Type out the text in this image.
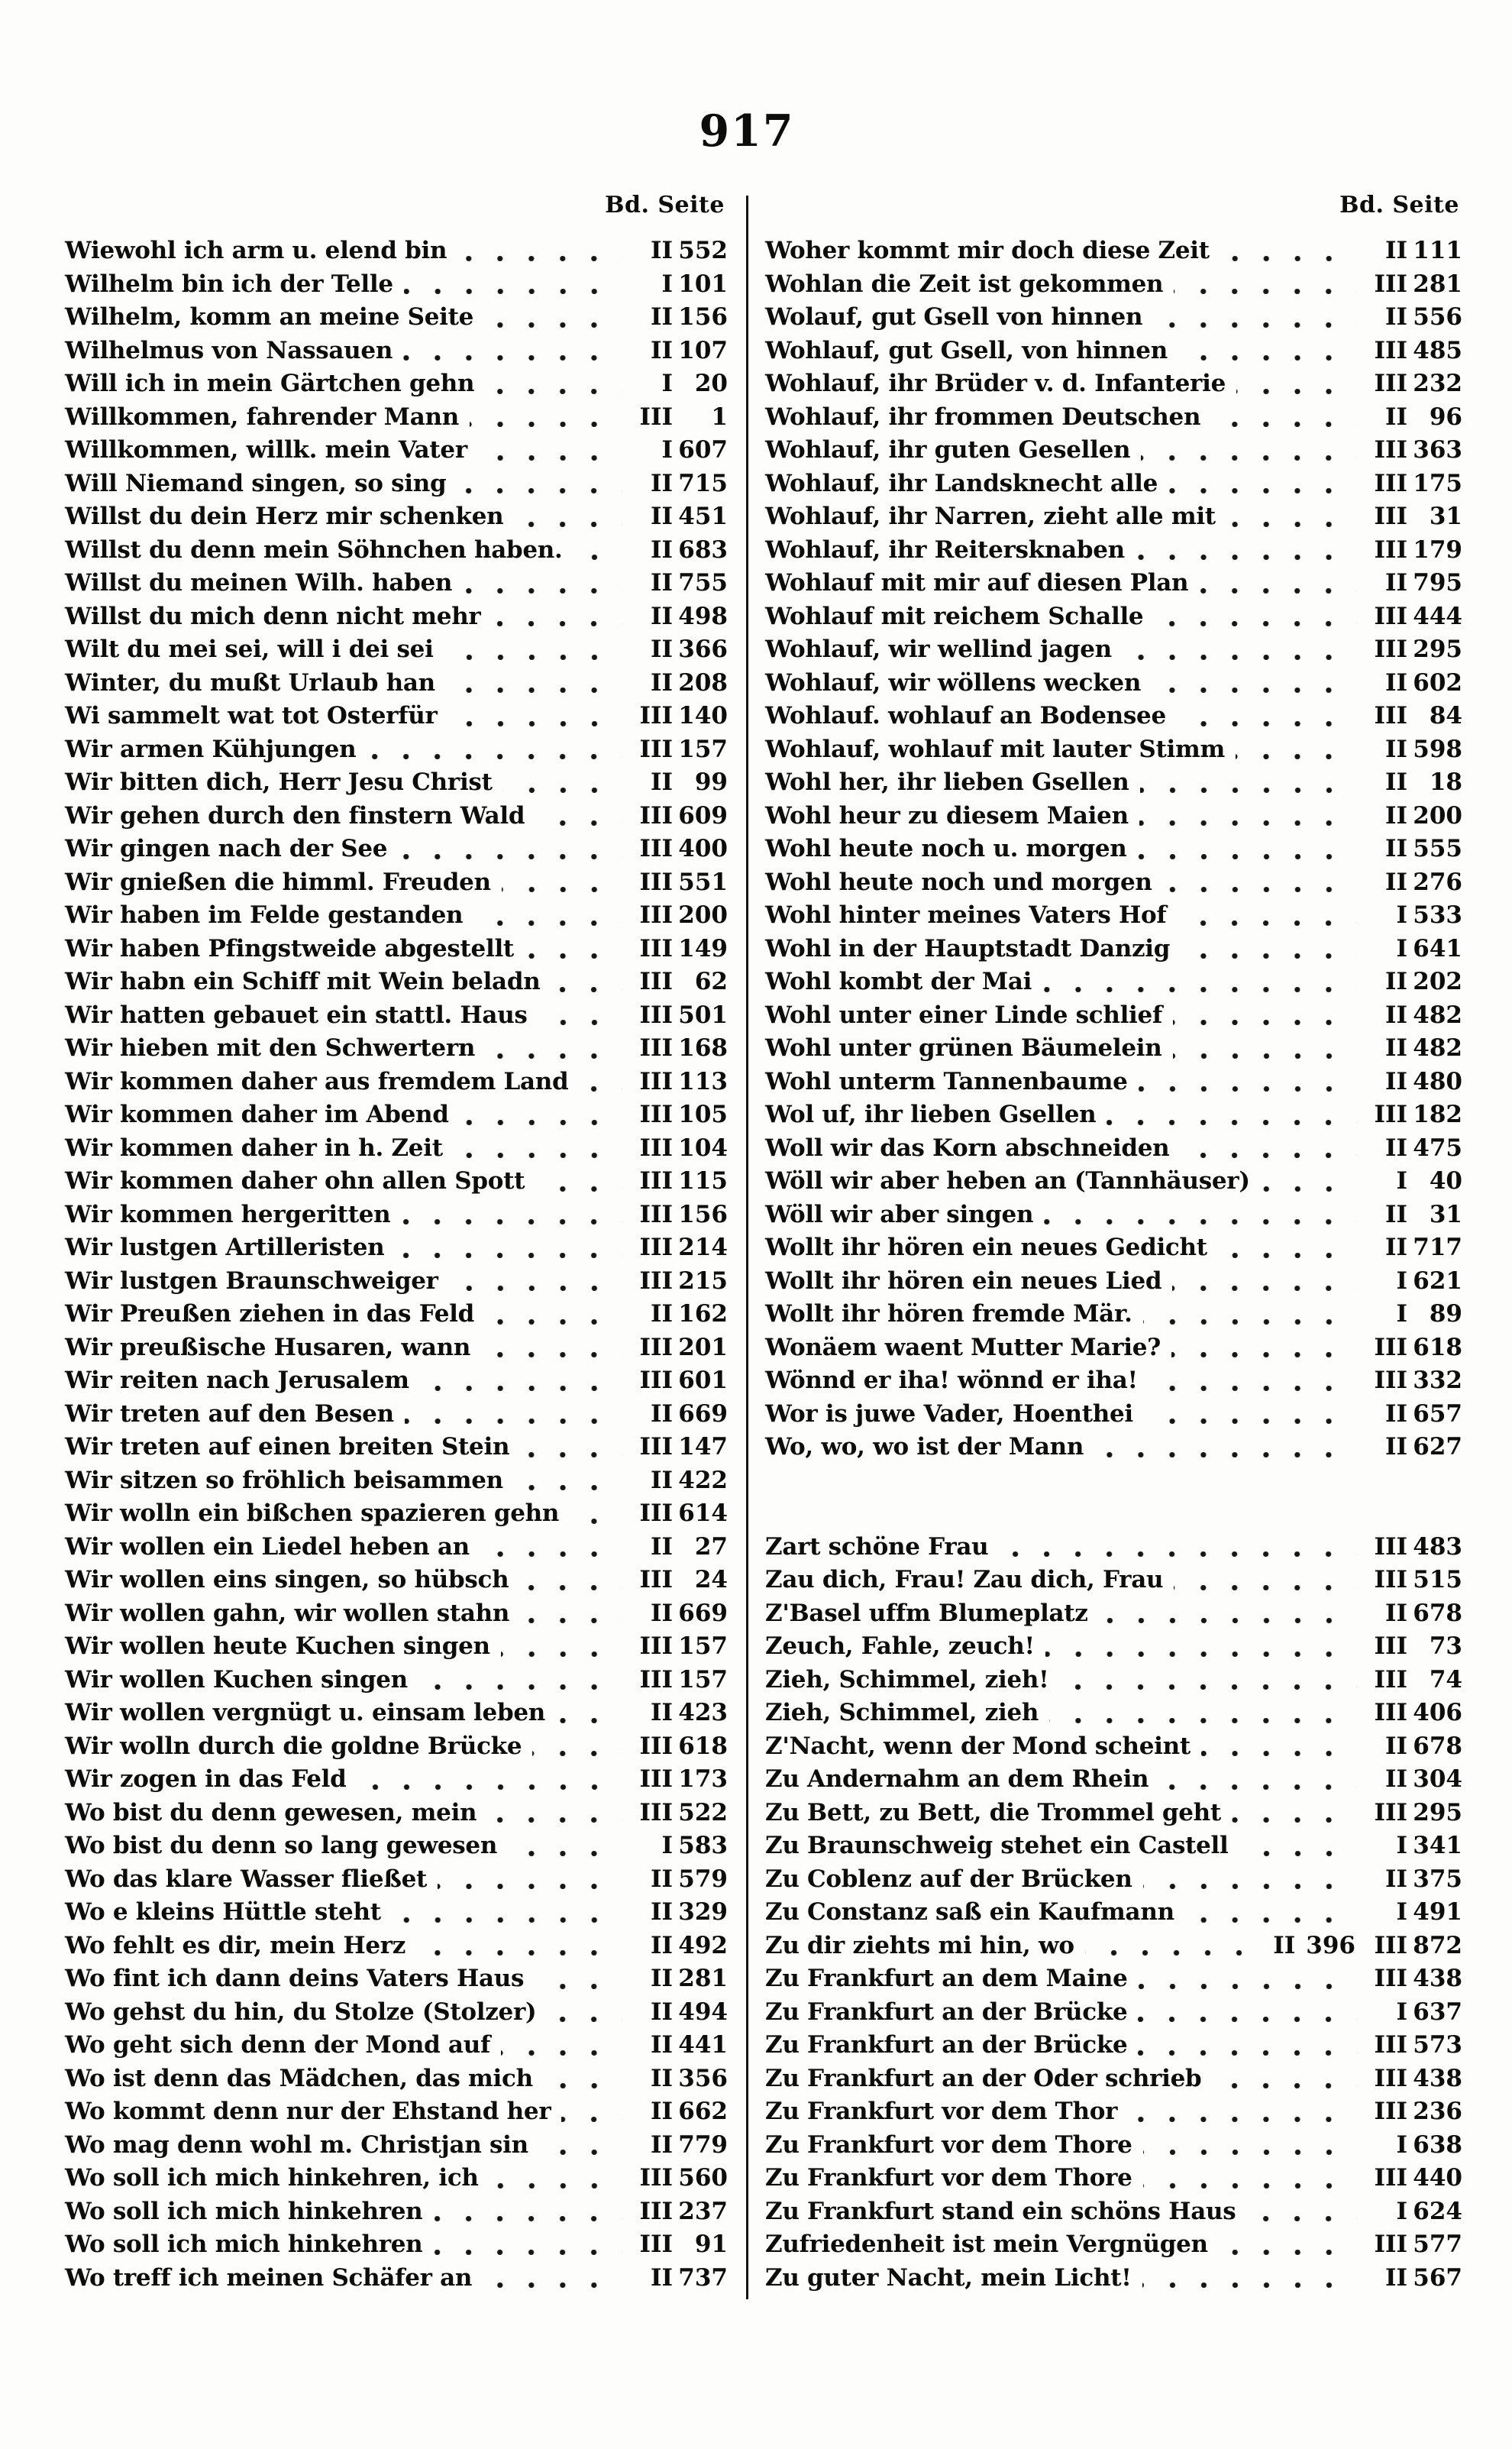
917
Bd. Seite
Wiewohl ich arm u. elend bin	II 552
Wilhelm bin ich der Telle	I 101
Wilhelm, komm an meine Seite	II 156
Wilhelmus von Nassauen	II 107
Will ich in mein Gärtchen gehn	I 20
Willkommen, fahrender Mann	III	1
Willkommen, willk. mein Vater	I 607
Will Niemand singen, so sing	II 715
Willst du dein Herz mir schenken	II 451
Willst du denn mein Söhnchen haben.	II 683
Willst du meinen Wilh. haben	II 755
Willst du mich denn nicht mehr	II 498
Wilt du mei sei, will i dei sei	II 366
Winter, du mußt Urlaub han	II 208
Wi sammelt wat tot Osterfür	III 140
Wir armen Kühjungen	III 157
Wir bitten dich, Herr Jesu Christ	II 99
Wir gehen durch den finstern Wald	III 609
Wir gingen nach der See	III 400
Wir gnießen die himml. Freuden	III 551
Wir haben im Felde gestanden	III 200
Wir haben Pfingstweide abgestellt	III 149
Wir habn ein Schiff mit Wein beladn	III 62
Wir hatten gebauet ein stattl. Haus	III 501
Wir hieben mit den Schwertern	III 168
Wir kommen daher aus fremdem Land	III 113
Wir kommen daher im Abend	III 105
Wir kommen daher in h. Zeit	III 104
Wir kommen daher ohn allen Spott	III 115
Wir kommen hergeritten	III 156
Wir lustgen Artilleristen	III 214
Wir lustgen Braunschweiger	III 215
Wir Preußen ziehen in das Feld	II 162
Wir preußische Husaren, wann	III 201
Wir reiten nach Jerusalem	III 601
Wir treten auf den Besen	II 669
Wir treten auf einen breiten Stein	III 147
Wir sitzen so fröhlich beisammen	II 422
Wir wolln ein bißchen spazieren gehn	III 614
Wir wollen ein Liedel heben an	II 27
Wir wollen eins singen, so hübsch	III 24
Wir wollen gahn, wir wollen stahn	II 669
Wir wollen heute Kuchen singen	III 157
Wir wollen Kuchen singen	III 157
Wir wollen vergnügt u. einsam leben	II 423
Wir wolln durch die goldne Brücke	III 618
Wir zogen in das Feld	III 173
Wo bist du denn gewesen, mein	III 522
Wo bist du denn so lang gewesen	I 583
Wo das klare Wasser fließet	II 579
Wo e kleins Hüttle steht	II 329
Wo fehlt es dir, mein Herz	II 492
Wo fint ich dann deins Vaters Haus	II 281
Wo gehst du hin, du Stolze (Stolzer)	II 494
Wo geht sich denn der Mond auf	II 441
Wo ist denn das Mädchen, das mich	II 356
Wo kommt denn nur der Ehstand her	II 662
Wo mag denn wohl m. Christjan sin	II 779
Wo soll ich mich hinkehren, ich	III 560
Wo soll ich mich hinkehren	III 237
Wo soll ich mich hinkehren	III 91
Wo treff ich meinen Schäfer an	II 737
Bd. Seite
Woher kommt mir doch diese Zeit	II 111
Wohlan die Zeit ist gekommen	III 281
Wolauf, gut Gsell von hinnen	II 556
Wohlauf, gut Gsell, von hinnen	III 485
Wohlauf, ihr Brüder v. d. Infanterie	III 232
Wohlauf, ihr frommen Deutschen	II 96
Wohlauf, ihr guten Gesellen	III 363
Wohlauf, ihr Landsknecht alle	III 175
Wohlauf, ihr Narren, zieht alle mit	III 31
Wohlauf, ihr Reitersknaben	III 179
Wohlauf mit mir auf diesen Plan	II 795
Wohlauf mit reichem Schalle	III 444
Wohlauf, wir wellind jagen	III 295
Wohlauf, wir wöllens wecken	II 602
Wohlauf. wohlauf an Bodensee	III 84
Wohlauf, wohlauf mit lauter Stimm	II 598
Wohl her, ihr lieben Gsellen	II 18
Wohl heur zu diesem Maien	II 200
Wohl heute noch u. morgen	II 555
Wohl heute noch und morgen	II 276
Wohl hinter meines Vaters Hof	I 533
Wohl in der Hauptstadt Danzig	I 641
Wohl kombt der Mai	II 202
Wohl unter einer Linde schlief	II 482
Wohl unter grünen Bäumelein	II 482
Wohl unterm Tannenbaume	II 480
Wol uf, ihr lieben Gsellen	III 182
Woll wir das Korn abschneiden	II 475
Wöll wir aber heben an (Tannhäuser)	I 40
Wöll wir aber singen	II 31
Wollt ihr hören ein neues Gedicht	II 717
Wollt ihr hören ein neues Lied	I 621
Wollt ihr hören fremde Mär.	I 89
Wonäem waent Mutter Marie?	III 618
Wönnd er iha! wönnd er iha!	III 332
Wor is juwe Vader, Hoenthei	II 657
Wo, wo, wo ist der Mann	II 627
Zart schöne Frau	III 483
Zau dich, Frau! Zau dich, Frau	III 515
Z'Basel uffm Blumeplatz	II 678
Zeuch, Fahle, zeuch!	III 73
Zieh, Schimmel, zieh!	III 74
Zieh, Schimmel, zieh	III 406
Z'Nacht, wenn der Mond scheint	II 678
Zu Andernahm an dem Rhein	II 304
Zu Bett, zu Bett, die Trommel geht	III 295
Zu Braunschweig stehet ein Castell	I 341
Zu Coblenz auf der Brücken	II 375
Zu Constanz saß ein Kaufmann	I 491
Zu dir ziehts mi hin, wo	II 396 III 872
Zu Frankfurt an dem Maine	III 438
Zu Frankfurt an der Brücke	I 637
Zu Frankfurt an der Brücke	III 573
Zu Frankfurt an der Oder schrieb	III 438
Zu Frankfurt vor dem Thor	III 236
Zu Frankfurt vor dem Thore	I 638
Zu Frankfurt vor dem Thore	III 440
Zu Frankfurt stand ein schöns Haus	I 624
Zufriedenheit ist mein Vergnügen	III 577
Zu guter Nacht, mein Licht!	II 567
